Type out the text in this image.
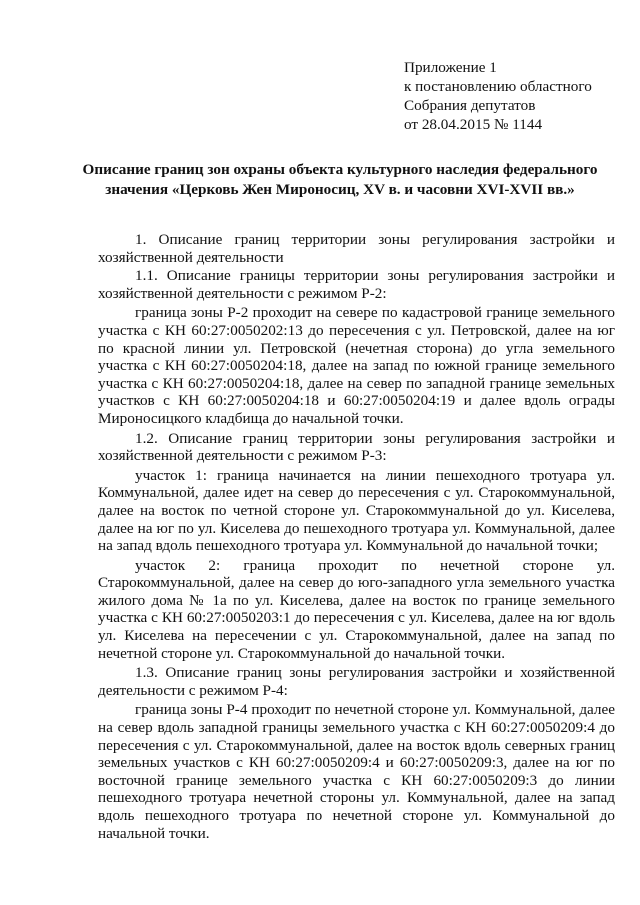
Приложение 1
к постановлению областного
Собрания депутатов
от 28.04.2015 № 1144
Описание границ зон охраны объекта культурного наследия федерального
значения «Церковь Жен Мироносиц, XV в. и часовни XVI-XVII вв.»

1. Описание границ территории зоны регулирования застройки и хозяйственной деятельности

1.1. Описание границы территории зоны регулирования застройки и хозяйственной деятельности с режимом Р-2:

граница зоны Р-2 проходит на севере по кадастровой границе земельного участка с КН 60:27:0050202:13 до пересечения с ул. Петровской, далее на юг по красной линии ул. Петровской (нечетная сторона) до угла земельного участка с КН 60:27:0050204:18, далее на запад по южной границе земельного участка с КН 60:27:0050204:18, далее на север по западной границе земельных участков с КН 60:27:0050204:18 и 60:27:0050204:19 и далее вдоль ограды Мироносицкого кладбища до начальной точки.

1.2. Описание границ территории зоны регулирования застройки и хозяйственной деятельности с режимом Р-3:

участок 1: граница начинается на линии пешеходного тротуара ул. Коммунальной, далее идет на север до пересечения с ул. Старокоммунальной, далее на восток по четной стороне ул. Старокоммунальной до ул. Киселева, далее на юг по ул. Киселева до пешеходного тротуара ул. Коммунальной, далее на запад вдоль пешеходного тротуара ул. Коммунальной до начальной точки;

участок 2: граница проходит по нечетной стороне ул. Старокоммунальной, далее на север до юго-западного угла земельного участка жилого дома № 1а по ул. Киселева, далее на восток по границе земельного участка с КН 60:27:0050203:1 до пересечения с ул. Киселева, далее на юг вдоль ул. Киселева на пересечении с ул. Старокоммунальной, далее на запад по нечетной стороне ул. Старокоммунальной до начальной точки.

1.3. Описание границ зоны регулирования застройки и хозяйственной деятельности с режимом Р-4:

граница зоны Р-4 проходит по нечетной стороне ул. Коммунальной, далее на север вдоль западной границы земельного участка с КН 60:27:0050209:4 до пересечения с ул. Старокоммунальной, далее на восток вдоль северных границ земельных участков с КН 60:27:0050209:4 и 60:27:0050209:3, далее на юг по восточной границе земельного участка с КН 60:27:0050209:3 до линии пешеходного тротуара нечетной стороны ул. Коммунальной, далее на запад вдоль пешеходного тротуара по нечетной стороне ул. Коммунальной до начальной точки.
